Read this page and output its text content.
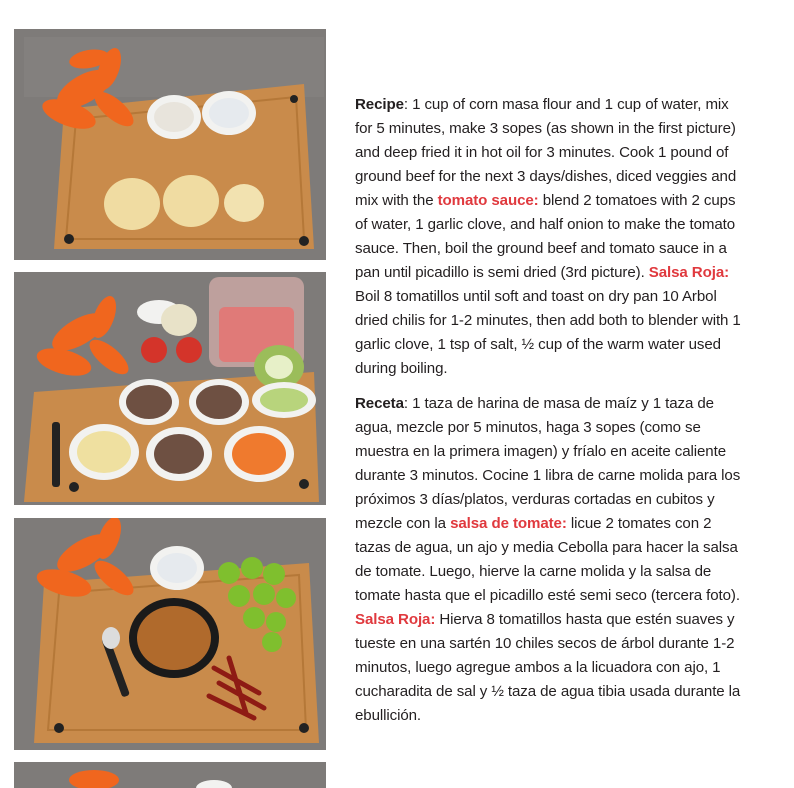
Recipe: 1 cup of corn masa flour and 1 cup of water, mix for 5 minutes, make 3 sopes (as shown in the first picture) and deep fried it in hot oil for 3 minutes. Cook 1 pound of ground beef for the next 3 days/dishes, diced veggies and mix with the tomato sauce: blend 2 tomatoes with 2 cups of water, 1 garlic clove, and half onion to make the tomato sauce. Then, boil the ground beef and tomato sauce in a pan until picadillo is semi dried (3rd picture). Salsa Roja: Boil 8 tomatillos until soft and toast on dry pan 10 Arbol dried chilis for 1-2 minutes, then add both to blender with 1 garlic clove, 1 tsp of salt, ½ cup of the warm water used during boiling.

Receta: 1 taza de harina de masa de maíz y 1 taza de agua, mezcle por 5 minutos, haga 3 sopes (como se muestra en la primera imagen) y fríalo en aceite caliente durante 3 minutos. Cocine 1 libra de carne molida para los próximos 3 días/platos, verduras cortadas en cubitos y mezcle con la salsa de tomate: licue 2 tomates con 2 tazas de agua, un ajo y media Cebolla para hacer la salsa de tomate. Luego, hierve la carne molida y la salsa de tomate hasta que el picadillo esté semi seco (tercera foto). Salsa Roja: Hierva 8 tomatillos hasta que estén suaves y tueste en una sartén 10 chiles secos de árbol durante 1-2 minutos, luego agregue ambos a la licuadora con ajo, 1 cucharadita de sal y ½ taza de agua tibia usada durante la ebullición.
